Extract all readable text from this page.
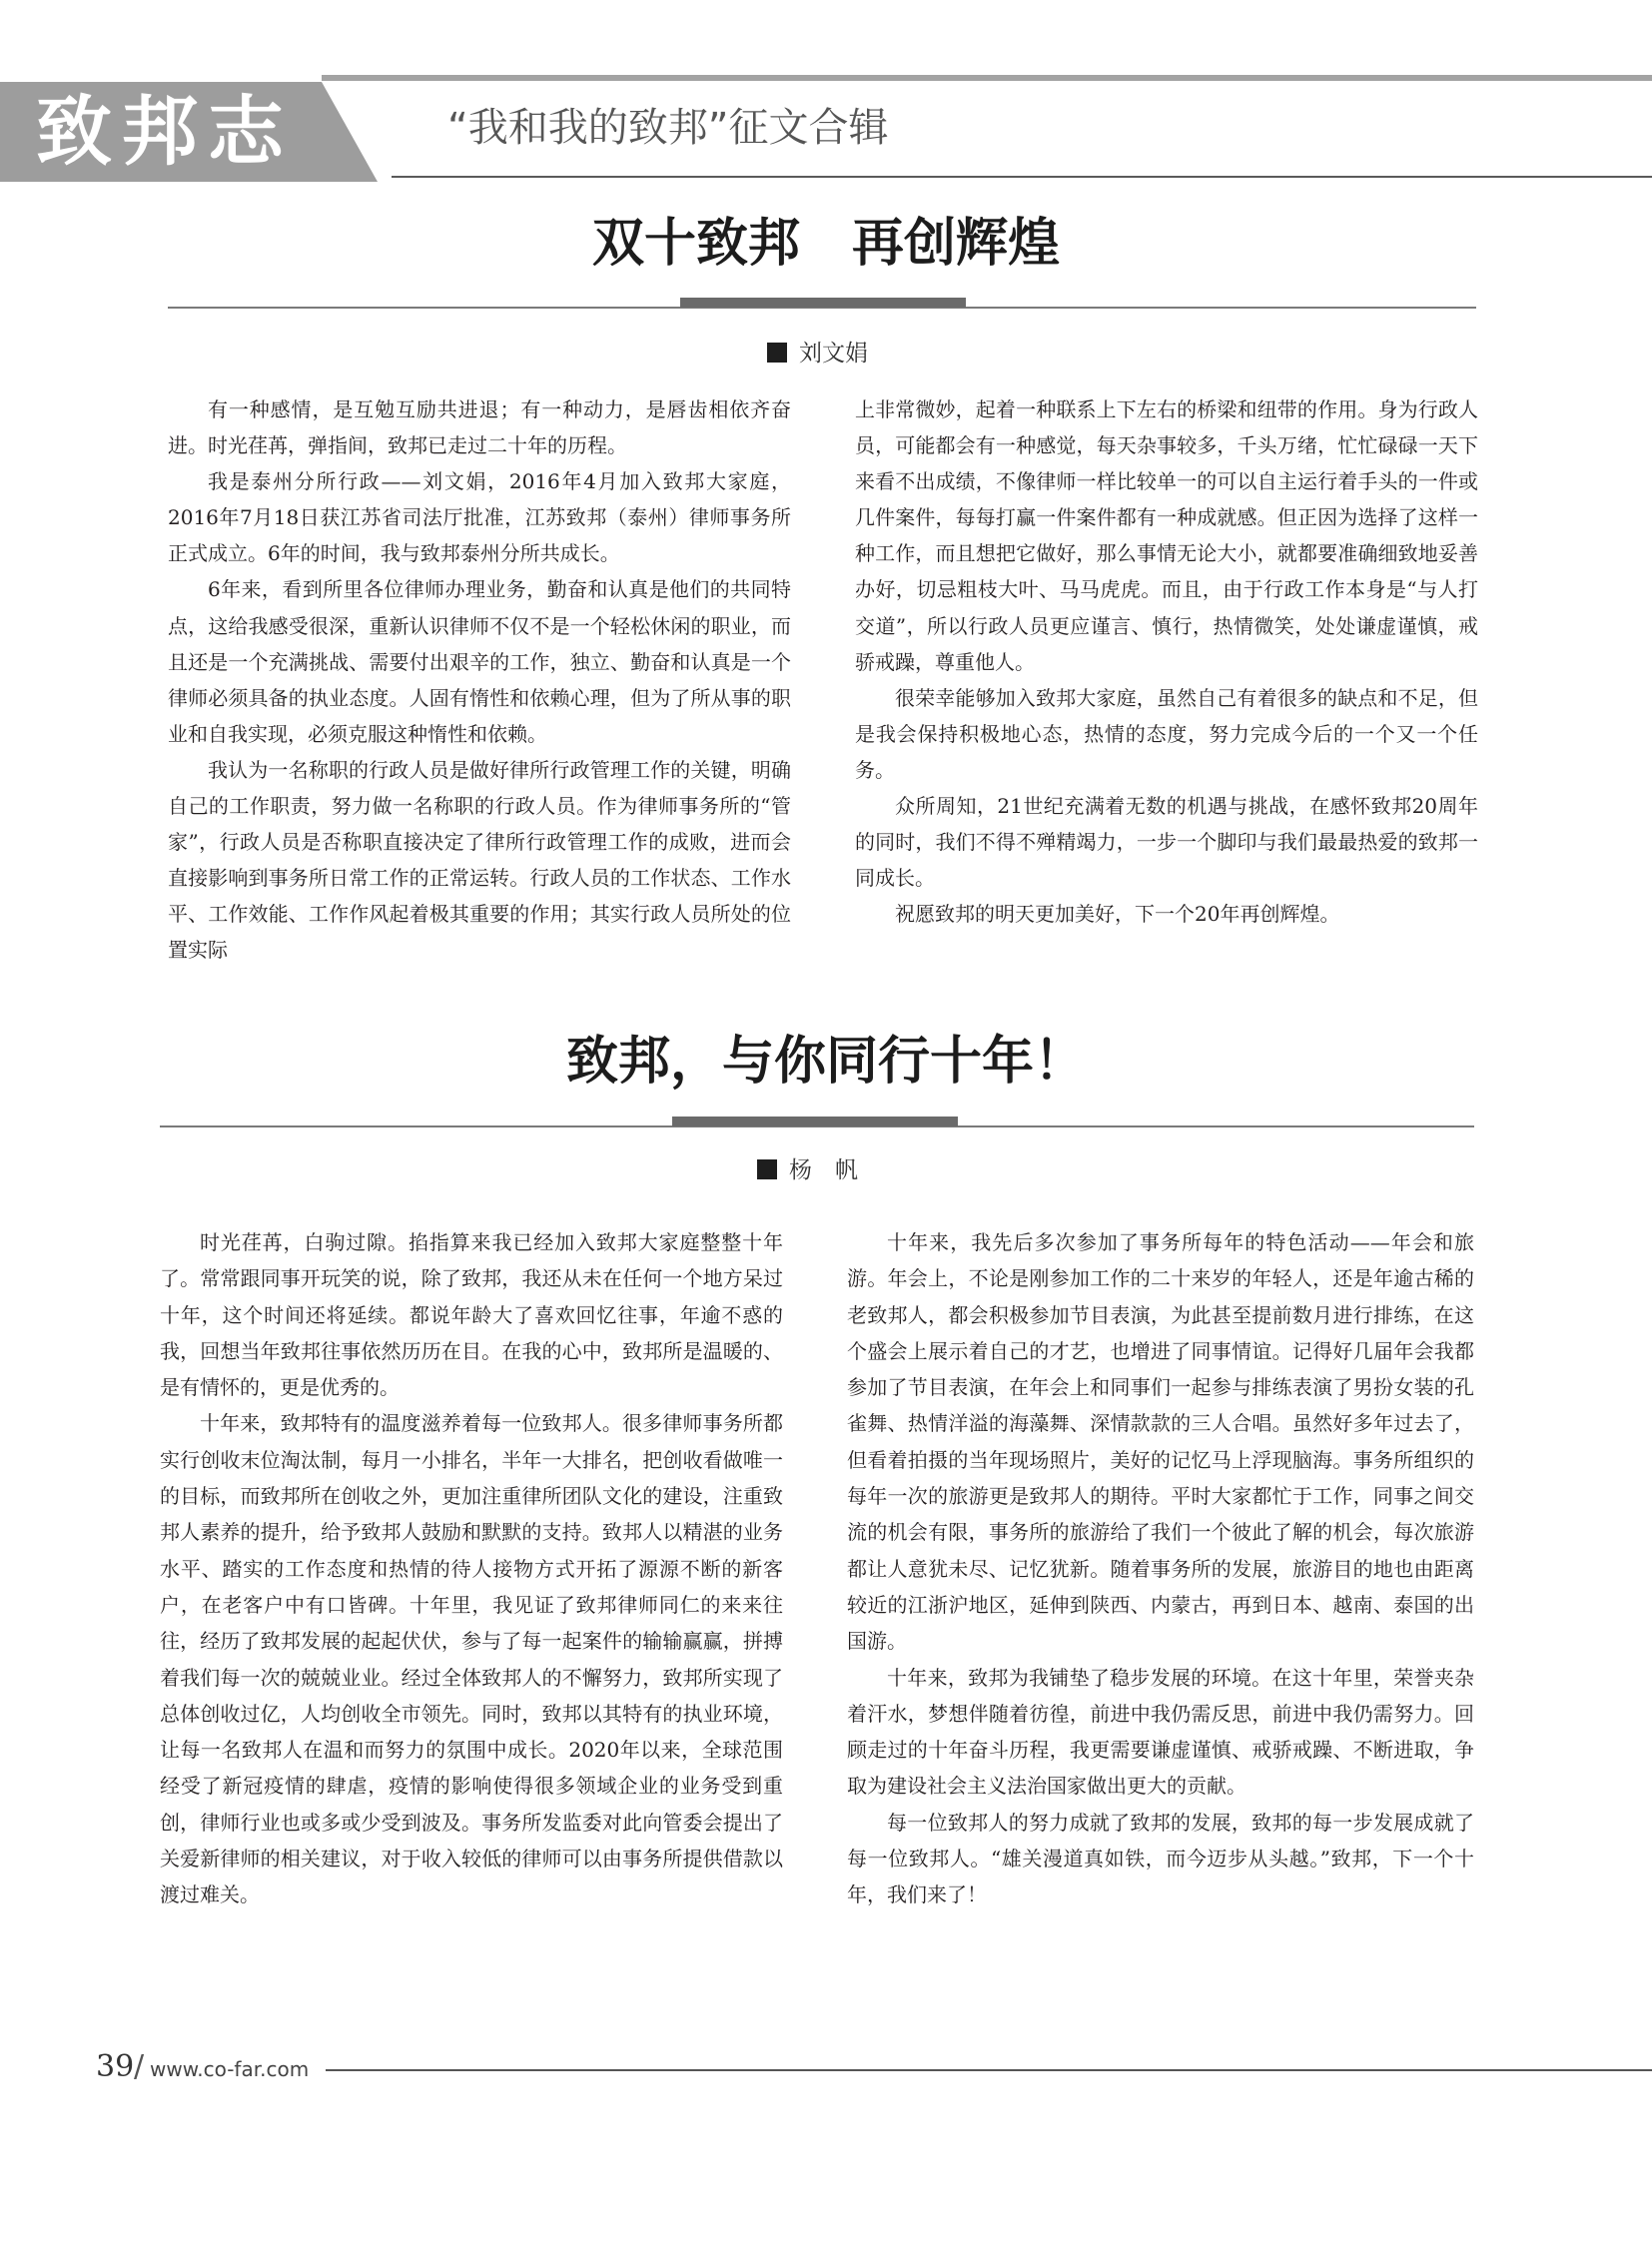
致邦志	“我和我的致邦”征文合辑
双十致邦　再创辉煌
刘文娟

有一种感情，是互勉互励共进退；有一种动力，是唇齿相依齐奋进。时光荏苒，弹指间，致邦已走过二十年的历程。

我是泰州分所行政——刘文娟，2016年4月加入致邦大家庭，2016年7月18日获江苏省司法厅批准，江苏致邦（泰州）律师事务所正式成立。6年的时间，我与致邦泰州分所共成长。

6年来，看到所里各位律师办理业务，勤奋和认真是他们的共同特点，这给我感受很深，重新认识律师不仅不是一个轻松休闲的职业，而且还是一个充满挑战、需要付出艰辛的工作，独立、勤奋和认真是一个律师必须具备的执业态度。人固有惰性和依赖心理，但为了所从事的职业和自我实现，必须克服这种惰性和依赖。

我认为一名称职的行政人员是做好律所行政管理工作的关键，明确自己的工作职责，努力做一名称职的行政人员。作为律师事务所的“管家”，行政人员是否称职直接决定了律所行政管理工作的成败，进而会直接影响到事务所日常工作的正常运转。行政人员的工作状态、工作水平、工作效能、工作作风起着极其重要的作用；其实行政人员所处的位置实际

上非常微妙，起着一种联系上下左右的桥梁和纽带的作用。身为行政人员，可能都会有一种感觉，每天杂事较多，千头万绪，忙忙碌碌一天下来看不出成绩，不像律师一样比较单一的可以自主运行着手头的一件或几件案件，每每打赢一件案件都有一种成就感。但正因为选择了这样一种工作，而且想把它做好，那么事情无论大小，就都要准确细致地妥善办好，切忌粗枝大叶、马马虎虎。而且，由于行政工作本身是“与人打交道”，所以行政人员更应谨言、慎行，热情微笑，处处谦虚谨慎，戒骄戒躁，尊重他人。

很荣幸能够加入致邦大家庭，虽然自己有着很多的缺点和不足，但是我会保持积极地心态，热情的态度，努力完成今后的一个又一个任务。

众所周知，21世纪充满着无数的机遇与挑战，在感怀致邦20周年的同时，我们不得不殚精竭力，一步一个脚印与我们最最热爱的致邦一同成长。

祝愿致邦的明天更加美好，下一个20年再创辉煌。

致邦，与你同行十年！
杨　帆

时光荏苒，白驹过隙。掐指算来我已经加入致邦大家庭整整十年了。常常跟同事开玩笑的说，除了致邦，我还从未在任何一个地方呆过十年，这个时间还将延续。都说年龄大了喜欢回忆往事，年逾不惑的我，回想当年致邦往事依然历历在目。在我的心中，致邦所是温暖的、是有情怀的，更是优秀的。

十年来，致邦特有的温度滋养着每一位致邦人。很多律师事务所都实行创收末位淘汰制，每月一小排名，半年一大排名，把创收看做唯一的目标，而致邦所在创收之外，更加注重律所团队文化的建设，注重致邦人素养的提升，给予致邦人鼓励和默默的支持。致邦人以精湛的业务水平、踏实的工作态度和热情的待人接物方式开拓了源源不断的新客户，在老客户中有口皆碑。十年里，我见证了致邦律师同仁的来来往往，经历了致邦发展的起起伏伏，参与了每一起案件的输输赢赢，拼搏着我们每一次的兢兢业业。经过全体致邦人的不懈努力，致邦所实现了总体创收过亿，人均创收全市领先。同时，致邦以其特有的执业环境，让每一名致邦人在温和而努力的氛围中成长。2020年以来，全球范围经受了新冠疫情的肆虐，疫情的影响使得很多领域企业的业务受到重创，律师行业也或多或少受到波及。事务所发监委对此向管委会提出了关爱新律师的相关建议，对于收入较低的律师可以由事务所提供借款以渡过难关。

十年来，我先后多次参加了事务所每年的特色活动——年会和旅游。年会上，不论是刚参加工作的二十来岁的年轻人，还是年逾古稀的老致邦人，都会积极参加节目表演，为此甚至提前数月进行排练，在这个盛会上展示着自己的才艺，也增进了同事情谊。记得好几届年会我都参加了节目表演，在年会上和同事们一起参与排练表演了男扮女装的孔雀舞、热情洋溢的海藻舞、深情款款的三人合唱。虽然好多年过去了，但看着拍摄的当年现场照片，美好的记忆马上浮现脑海。事务所组织的每年一次的旅游更是致邦人的期待。平时大家都忙于工作，同事之间交流的机会有限，事务所的旅游给了我们一个彼此了解的机会，每次旅游都让人意犹未尽、记忆犹新。随着事务所的发展，旅游目的地也由距离较近的江浙沪地区，延伸到陕西、内蒙古，再到日本、越南、泰国的出国游。

十年来，致邦为我铺垫了稳步发展的环境。在这十年里，荣誉夹杂着汗水，梦想伴随着彷徨，前进中我仍需反思，前进中我仍需努力。回顾走过的十年奋斗历程，我更需要谦虚谨慎、戒骄戒躁、不断进取，争取为建设社会主义法治国家做出更大的贡献。

每一位致邦人的努力成就了致邦的发展，致邦的每一步发展成就了每一位致邦人。“雄关漫道真如铁，而今迈步从头越。”致邦，下一个十年，我们来了！

39 / www.co-far.com
